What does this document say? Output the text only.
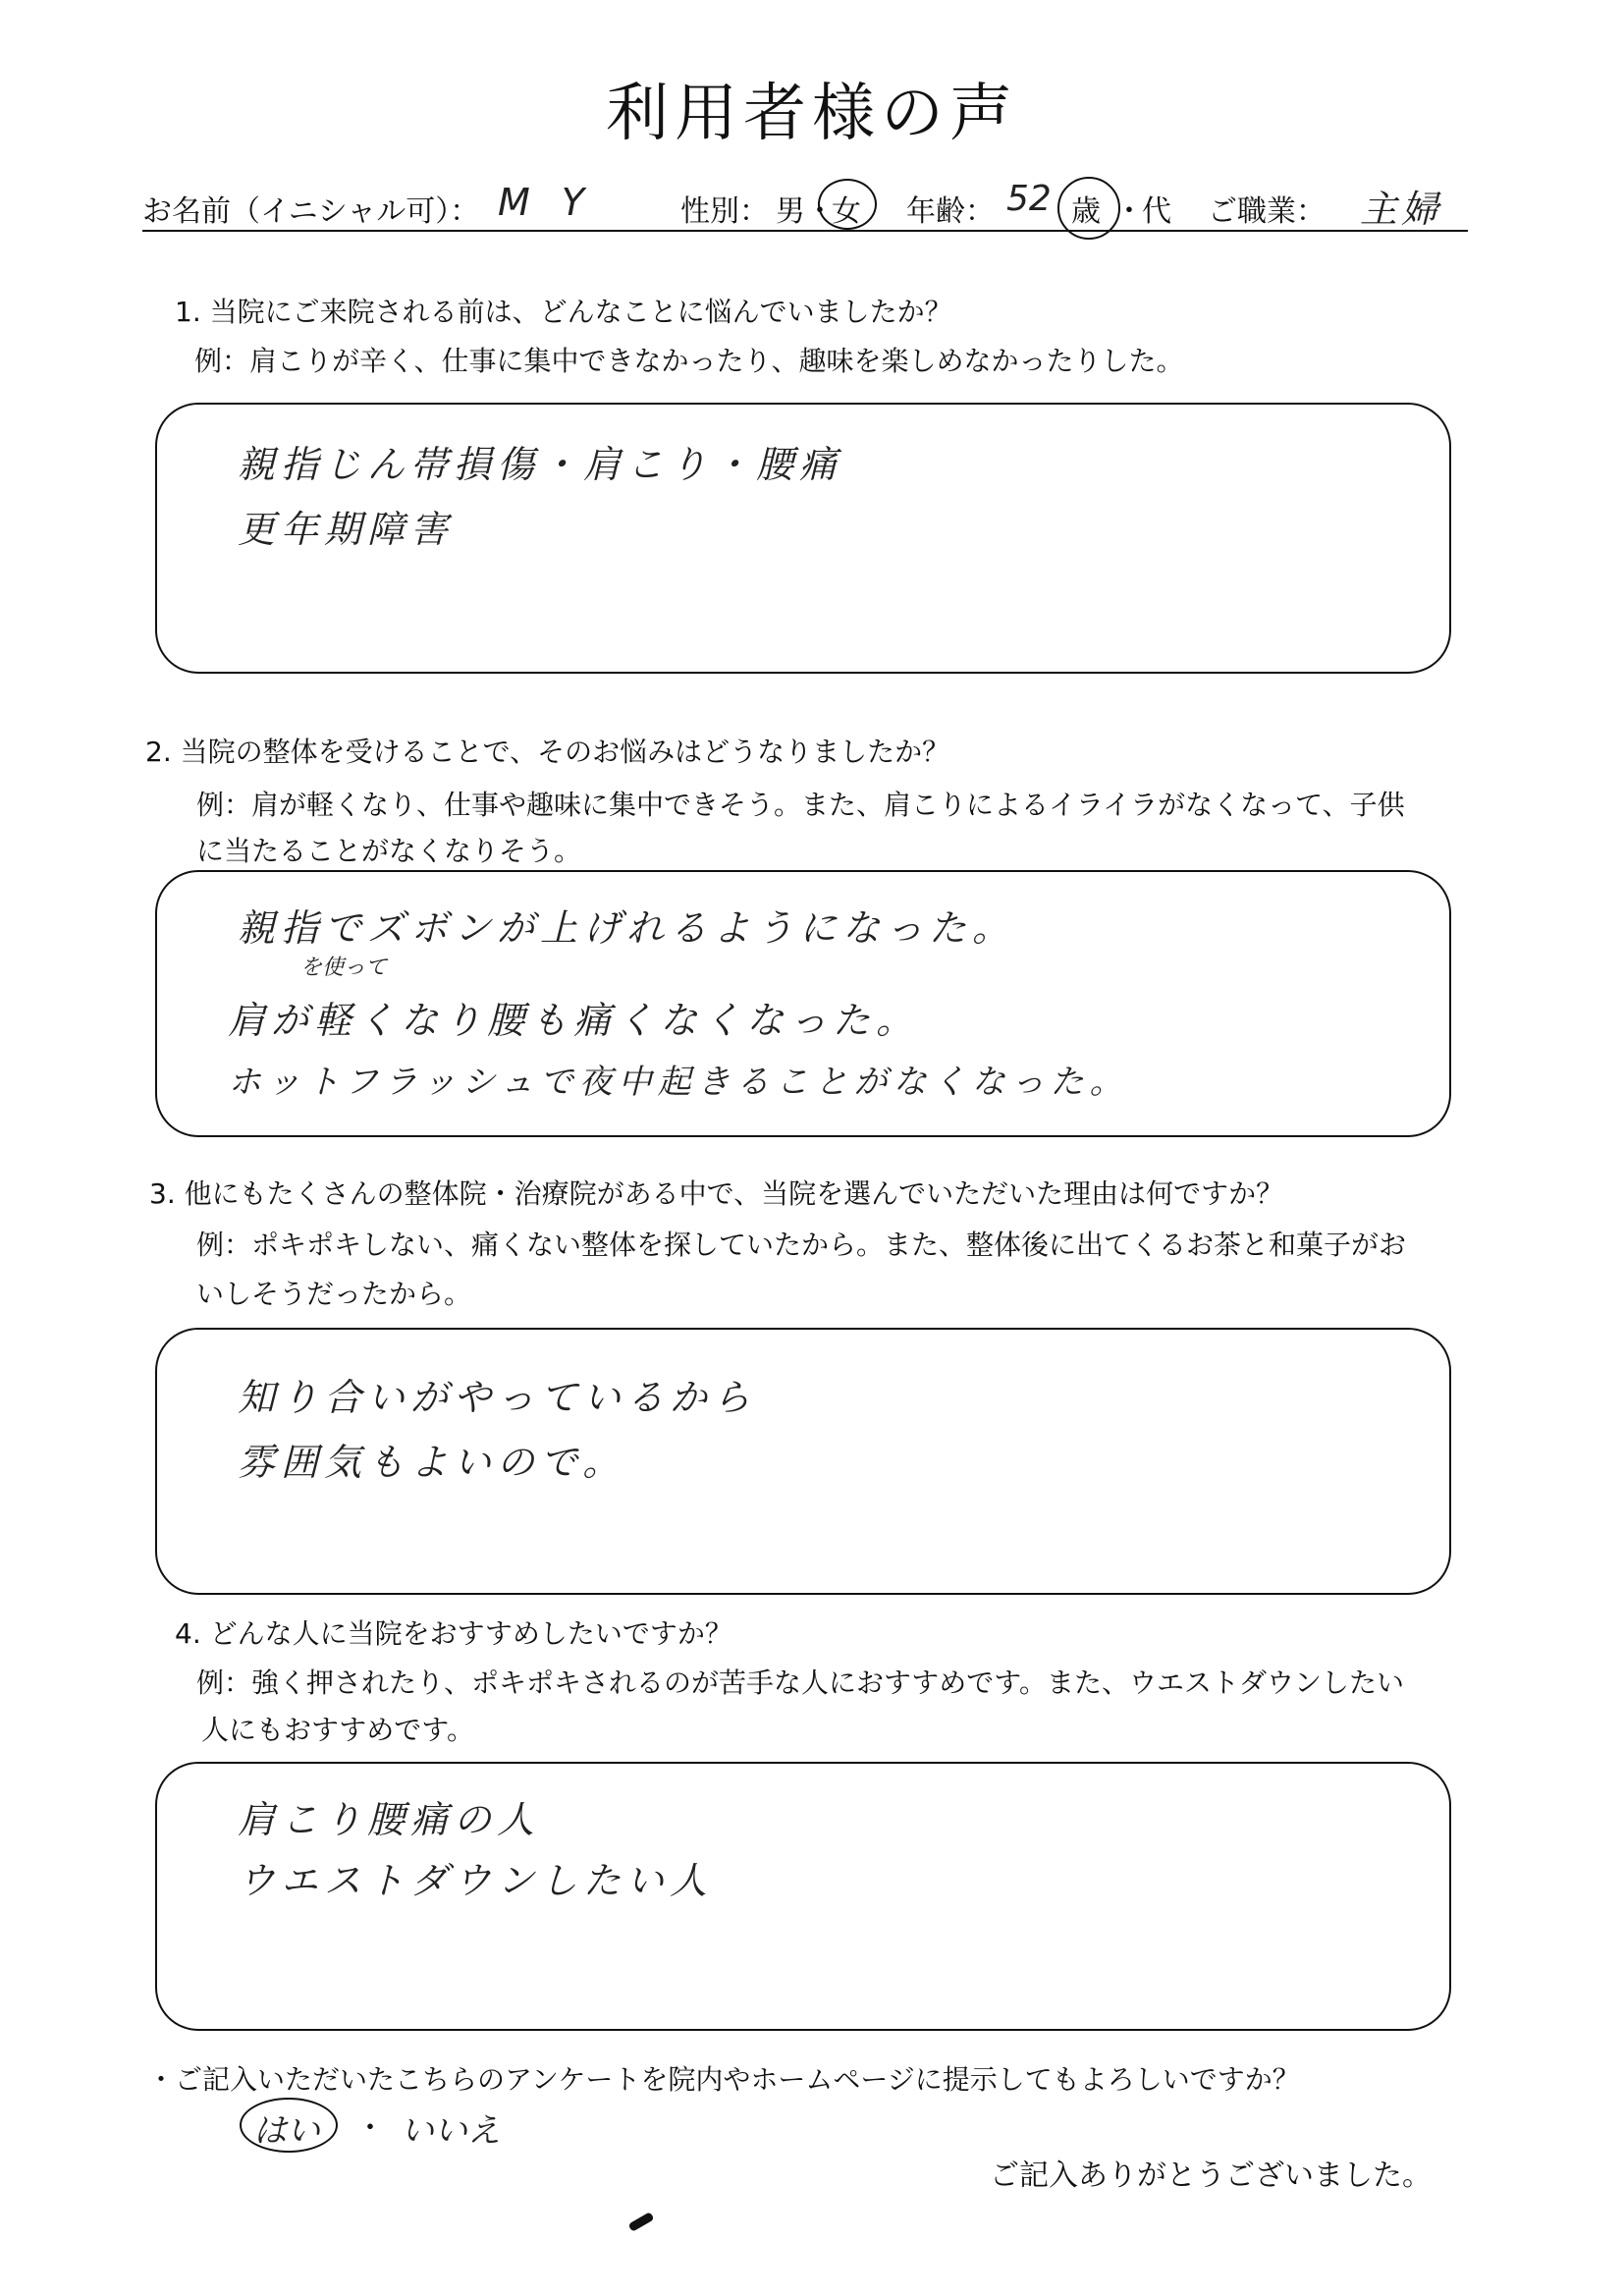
利用者様の声
お名前（イニシャル可）： M Y	性別： 男 ・
女 年齢： 52 歳 ・
代 ご職業： 主婦
1. 当院にご来院される前は、どんなことに悩んでいましたか？
例：肩こりが辛く、仕事に集中できなかったり、趣味を楽しめなかったりした。
親指じん帯損傷・肩こり・腰痛
更年期障害
2. 当院の整体を受けることで、そのお悩みはどうなりましたか？
例：肩が軽くなり、仕事や趣味に集中できそう。また、肩こりによるイライラがなくなって、子供
に当たることがなくなりそう。
親指でズボンが上げれるようになった。
を使って
肩が軽くなり腰も痛くなくなった。
ホットフラッシュで夜中起きることがなくなった。
3. 他にもたくさんの整体院・治療院がある中で、当院を選んでいただいた理由は何ですか？
例：ポキポキしない、痛くない整体を探していたから。また、整体後に出てくるお茶と和菓子がお
いしそうだったから。
知り合いがやっているから
雰囲気もよいので。
4. どんな人に当院をおすすめしたいですか？
例：強く押されたり、ポキポキされるのが苦手な人におすすめです。また、ウエストダウンしたい
人にもおすすめです。
肩こり腰痛の人
ウエストダウンしたい人
・ご記入いただいたこちらのアンケートを院内やホームページに提示してもよろしいですか？
はい ・ いいえ
ご記入ありがとうございました。
